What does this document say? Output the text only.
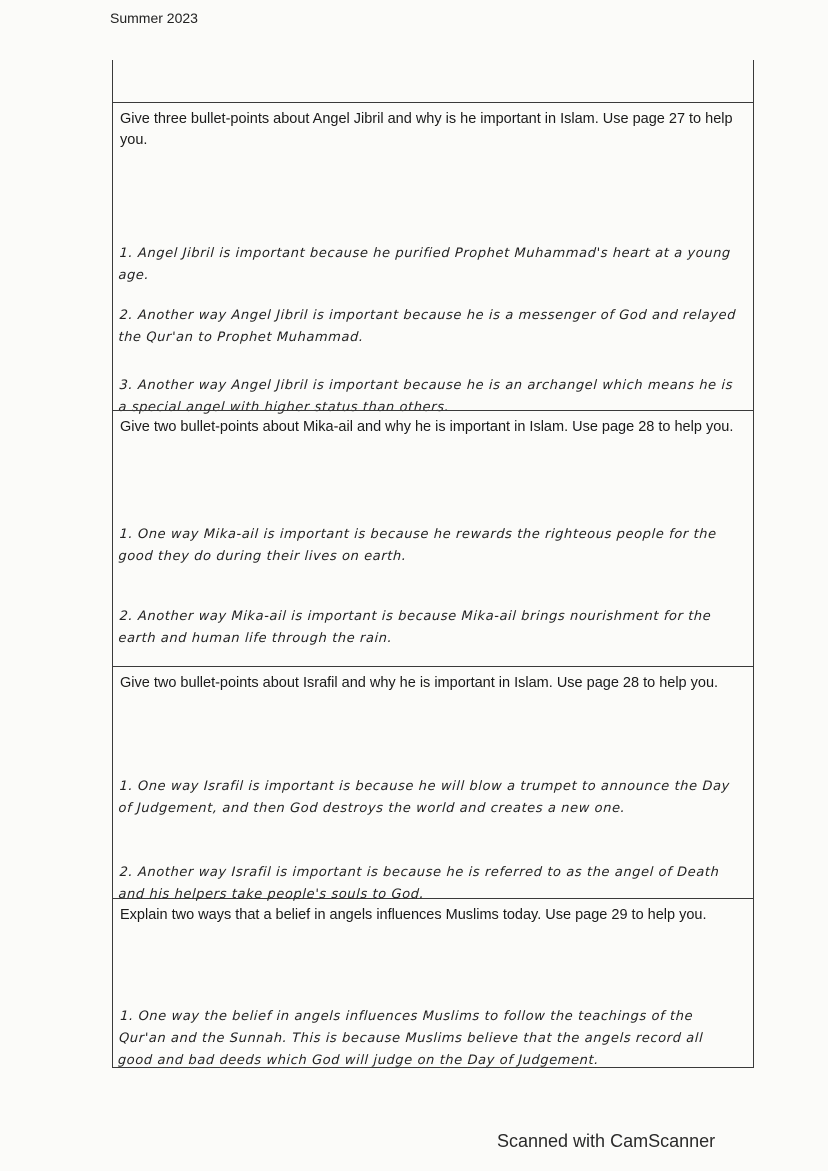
Summer 2023
Give three bullet-points about Angel Jibril and why is he important in Islam. Use page 27 to help you.
1. Angel Jibril is important because he purified Prophet Muhammad's heart at a young age.
2. Another way Angel Jibril is important because he is a messenger of God and relayed the Qur'an to Prophet Muhammad.
3. Another way Angel Jibril is important because he is an archangel which means he is a special angel with higher status than others.
Give two bullet-points about Mika-ail and why he is important in Islam. Use page 28 to help you.
1. One way Mika-ail is important is because he rewards the righteous people for the good they do during their lives on earth.
2. Another way Mika-ail is important is because Mika-ail brings nourishment for the earth and human life through the rain.
Give two bullet-points about Israfil and why he is important in Islam. Use page 28 to help you.
1. One way Israfil is important is because he will blow a trumpet to announce the Day of Judgement, and then God destroys the world and creates a new one.
2. Another way Israfil is important is because he is referred to as the angel of Death and his helpers take people's souls to God.
Explain two ways that a belief in angels influences Muslims today. Use page 29 to help you.
1. One way the belief in angels influences Muslims to follow the teachings of the Qur'an and the Sunnah. This is because Muslims believe that the angels record all good and bad deeds which God will judge on the Day of Judgement.
Scanned with CamScanner
